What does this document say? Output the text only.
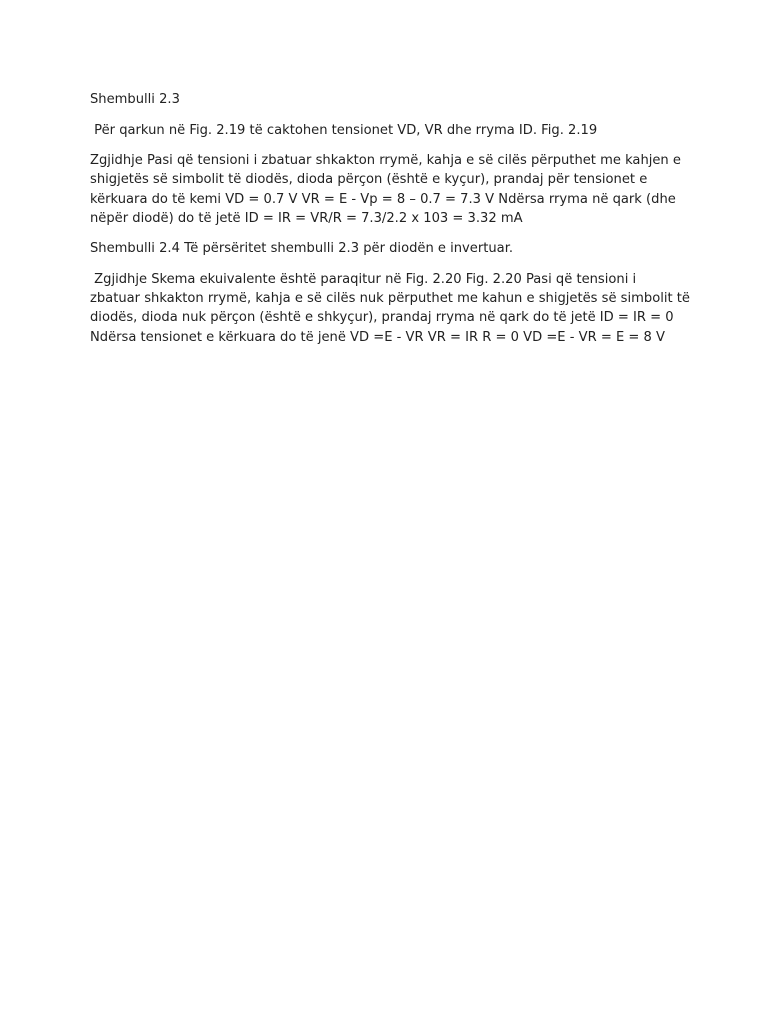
Shembulli 2.3

Për qarkun në Fig. 2.19 të caktohen tensionet VD, VR dhe rryma ID. Fig. 2.19

Zgjidhje Pasi që tensioni i zbatuar shkakton rrymë, kahja e së cilës përputhet me kahjen e shigjetës së simbolit të diodës, dioda përçon (është e kyçur), prandaj për tensionet e kërkuara do të kemi VD = 0.7 V VR = E - Vp = 8 – 0.7 = 7.3 V Ndërsa rryma në qark (dhe nëpër diodë) do të jetë ID = IR = VR/R = 7.3/2.2 x 103 = 3.32 mA

Shembulli 2.4 Të përsëritet shembulli 2.3 për diodën e invertuar.

Zgjidhje Skema ekuivalente është paraqitur në Fig. 2.20 Fig. 2.20 Pasi që tensioni i zbatuar shkakton rrymë, kahja e së cilës nuk përputhet me kahun e shigjetës së simbolit të diodës, dioda nuk përçon (është e shkyçur), prandaj rryma në qark do të jetë ID = IR = 0 Ndërsa tensionet e kërkuara do të jenë VD =E - VR VR = IR R = 0 VD =E - VR = E = 8 V
